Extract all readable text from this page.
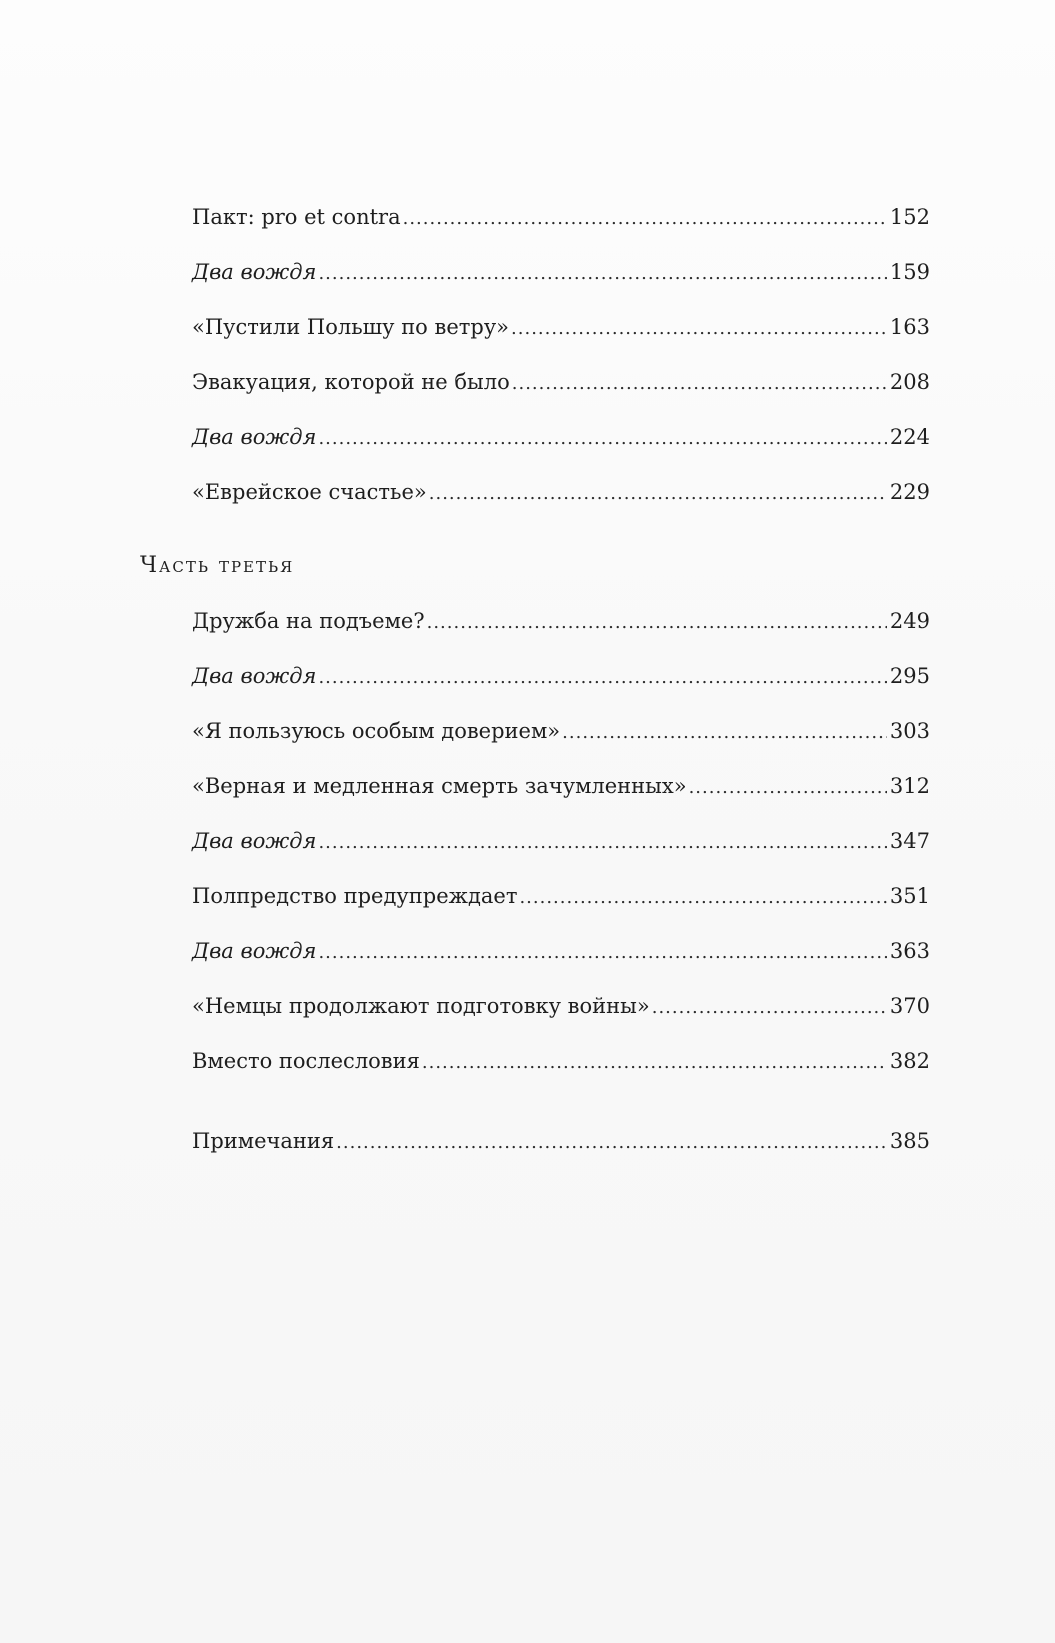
Пакт: pro et contra .....	152
Два вождя .....	159
«Пустили Польшу по ветру» .....	163
Эвакуация, которой не было .....	208
Два вождя .....	224
«Еврейское счастье» .....	229
Часть третья
Дружба на подъеме? .....	249
Два вождя .....	295
«Я пользуюсь особым доверием» .....	303
«Верная и медленная смерть зачумленных» .....	312
Два вождя .....	347
Полпредство предупреждает .....	351
Два вождя .....	363
«Немцы продолжают подготовку войны» .....	370
Вместо послесловия .....	382
Примечания .....	385
